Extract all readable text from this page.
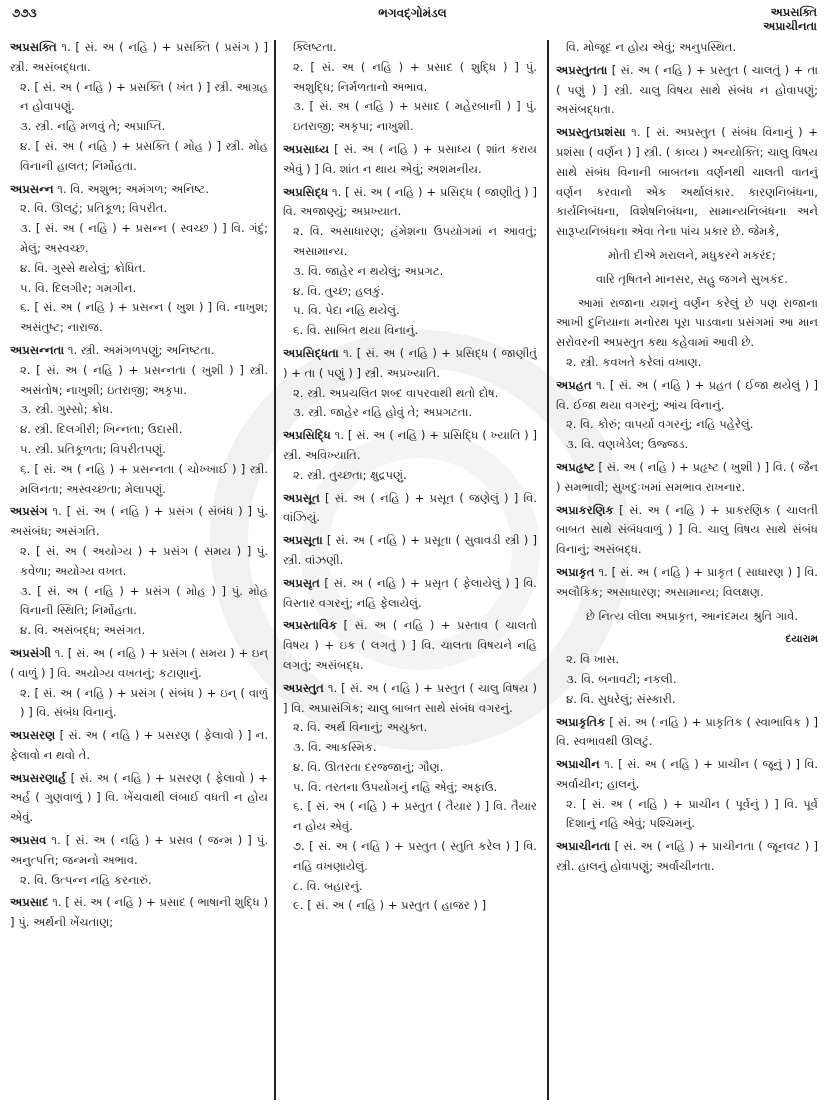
૭૭૩	ભગવદ્ગોમંડલ	અપ્રસક્તિ
અપ્રાચીનતા
અપ્રસક્તિ ૧. [ સં. અ ( નહિ ) + પ્રસક્તિ ( પ્રસંગ ) ] સ્ત્રી. અસંબદ્ધતા.
૨. [ સં. અ ( નહિ ) + પ્રસક્તિ ( ખંત ) ] સ્ત્રી. આગ્રહ ન હોવાપણું.
૩. સ્ત્રી. નહિ મળવું તે; અપ્રાપ્તિ.
૪. [ સં. અ ( નહિ ) + પ્રસક્તિ ( મોહ ) ] સ્ત્રી. મોહ વિનાની હાલત; નિર્મોહતા.
અપ્રસન્ન ૧. વિ. અશુભ; અમંગળ; અનિષ્ટ.
૨. વિ. ઊલટું; પ્રતિકૂળ; વિપરીત.
૩. [ સં. અ ( નહિ ) + પ્રસન્ન ( સ્વચ્છ ) ] વિ. ગંદું; મેલું; અસ્વચ્છ.
૪. વિ. ગુસ્સે થયેલું; ક્રોધિત.
૫. વિ. દિલગીર; ગમગીન.
૬. [ સં. અ ( નહિ ) + પ્રસન્ન ( ખુશ ) ] વિ. નાખુશ; અસંતુષ્ટ; નારાજ.
અપ્રસન્નતા ૧. સ્ત્રી. અમંગળપણું; અનિષ્ટતા.
૨. [ સં. અ ( નહિ ) + પ્રસન્નતા ( ખુશી ) ] સ્ત્રી. અસંતોષ; નાખુશી; ઇતરાજી; અકૃપા.
૩. સ્ત્રી. ગુસ્સો; ક્રોધ.
૪. સ્ત્રી. દિલગીરી; ખિન્નતા; ઉદાસી.
૫. સ્ત્રી. પ્રતિકૂળતા; વિપરીતપણું.
૬. [ સં. અ ( નહિ ) + પ્રસન્નતા ( ચોખ્ખાઈ ) ] સ્ત્રી. મલિનતા; અસ્વચ્છતા; મેલાપણું.
અપ્રસંગ ૧. [ સં. અ ( નહિ ) + પ્રસંગ ( સંબંધ ) ] પું. અસંબંધ; અસંગતિ.
૨. [ સં. અ ( અયોગ્ય ) + પ્રસંગ ( સમય ) ] પું. કવેળા; અયોગ્ય વખત.
૩. [ સં. અ ( નહિ ) + પ્રસંગ ( મોહ ) ] પું. મોહ વિનાની સ્થિતિ; નિર્મોહતા.
૪. વિ. અસંબદ્ધ; અસંગત.
અપ્રસંગી ૧. [ સં. અ ( નહિ ) + પ્રસંગ ( સમય ) + ઇન્ ( વાળું ) ] વિ. અયોગ્ય વખતનું; કટાણાનું.
૨. [ સં. અ ( નહિ ) + પ્રસંગ ( સંબંધ ) + ઇન્ ( વાળું ) ] વિ. સંબંધ વિનાનું.
અપ્રસરણ [ સં. અ ( નહિ ) + પ્રસરણ ( ફેલાવો ) ] ન. ફેલાવો ન થવો તે.
અપ્રસરણાર્હ [ સં. અ ( નહિ ) + પ્રસરણ ( ફેલાવો ) + અર્હ ( ગુણવાળું ) ] વિ. ખેંચવાથી લંબાઈ વધતી ન હોય એવું.
અપ્રસવ ૧. [ સં. અ ( નહિ ) + પ્રસવ ( જન્મ ) ] પું. અનુત્પત્તિ; જન્મનો અભાવ.
૨. વિ. ઉત્પન્ન નહિ કરનારું.
અપ્રસાદ ૧. [ સં. અ ( નહિ ) + પ્રસાદ ( ભાષાની શુદ્ધિ ) ] પું. અર્થની ખેંચતાણ;
ક્લિષ્ટતા.
૨. [ સં. અ ( નહિ ) + પ્રસાદ ( શુદ્ધિ ) ] પું. અશુદ્ધિ; નિર્મળતાનો અભાવ.
૩. [ સં. અ ( નહિ ) + પ્રસાદ ( મહેરબાની ) ] પું. ઇતરાજી; અકૃપા; નાખુશી.
અપ્રસાધ્ય [ સં. અ ( નહિ ) + પ્રસાધ્ય ( શાંત કરાય એવું ) ] વિ. શાંત ન થાય એવું; અશમનીય.
અપ્રસિદ્ધ ૧. [ સં. અ ( નહિ ) + પ્રસિદ્ધ ( જાણીતું ) ] વિ. અજાણ્યું; અપ્રખ્યાત.
૨. વિ. અસાધારણ; હંમેશના ઉપયોગમાં ન આવતું; અસામાન્ય.
૩. વિ. જાહેર ન થયેલું; અપ્રગટ.
૪. વિ. તુચ્છ; હલકું.
૫. વિ. પેદા નહિ થયેલું.
૬. વિ. સાબિત થયા વિનાનું.
અપ્રસિદ્ધતા ૧. [ સં. અ ( નહિ ) + પ્રસિદ્ધ ( જાણીતું ) + તા ( પણું ) ] સ્ત્રી. અપ્રખ્યાતિ.
૨. સ્ત્રી. અપ્રચલિત શબ્દ વાપરવાથી થતો દોષ.
૩. સ્ત્રી. જાહેર નહિ હોવું તે; અપ્રગટતા.
અપ્રસિદ્ધિ ૧. [ સં. અ ( નહિ ) + પ્રસિદ્ધિ ( ખ્યાતિ ) ] સ્ત્રી. અવિખ્યાતિ.
૨. સ્ત્રી. તુચ્છતા; ક્ષુદ્રપણું.
અપ્રસૂત [ સં. અ ( નહિ ) + પ્રસૂત ( જણેલું ) ] વિ. વાંઝિયું.
અપ્રસૂતા [ સં. અ ( નહિ ) + પ્રસૂતા ( સુવાવડી સ્ત્રી ) ] સ્ત્રી. વાંઝણી.
અપ્રસૃત [ સં. અ ( નહિ ) + પ્રસૃત ( ફેલાયેલું ) ] વિ. વિસ્તાર વગરનું; નહિ ફેલાયેલું.
અપ્રસ્તાવિક [ સં. અ ( નહિ ) + પ્રસ્તાવ ( ચાલતો વિષય ) + ઇક ( લગતું ) ] વિ. ચાલતા વિષયને નહિ લગતું; અસંબદ્ધ.
અપ્રસ્તુત ૧. [ સં. અ ( નહિ ) + પ્રસ્તુત ( ચાલુ વિષય ) ] વિ. અપ્રાસંગિક; ચાલુ બાબત સાથે સંબંધ વગરનું.
૨. વિ. અર્થ વિનાનું; અયુક્ત.
૩. વિ. આકસ્મિક.
૪. વિ. ઊતરતા દરજ્જાનું; ગૌણ.
૫. વિ. તરતના ઉપયોગનું નહિ એવું; અફાઉ.
૬. [ સં. અ ( નહિ ) + પ્રસ્તુત ( તૈયાર ) ] વિ. તૈયાર ન હોય એવું.
૭. [ સં. અ ( નહિ ) + પ્રસ્તુત ( સ્તુતિ કરેલ ) ] વિ. નહિ વખણાયેલું.
૮. વિ. બહારનું.
૯. [ સં. અ ( નહિ ) + પ્રસ્તુત ( હાજર ) ]
વિ. મોજૂદ ન હોય એવું; અનુપસ્થિત.
અપ્રસ્તુતતા [ સં. અ ( નહિ ) + પ્રસ્તુત ( ચાલતું ) + તા ( પણું ) ] સ્ત્રી. ચાલુ વિષય સાથે સંબંધ ન હોવાપણું; અસંબદ્ધતા.
અપ્રસ્તુતપ્રશંસા ૧. [ સં. અપ્રસ્તુત ( સંબંધ વિનાનું ) + પ્રશંસા ( વર્ણન ) ] સ્ત્રી. ( કાવ્ય ) અન્યોક્તિ; ચાલુ વિષય સાથે સંબંધ વિનાની બાબતના વર્ણનથી ચાલતી વાતનું વર્ણન કરવાનો એક અર્થાલંકાર. કારણનિબંધના, કાર્યનિબંધના, વિશેષનિબંધના, સામાન્યનિબંધના અને સારૂપ્યનિબંધના એવા તેના પાંચ પ્રકાર છે. જેમકે,
મોતી દીએ મરાલને, મધુકરને મકરંદ;
વારિ તૃષિતને માનસર, સહુ જગને સુખકંદ.
આમાં રાજાના યશનું વર્ણન કરેલું છે પણ રાજાના આખી દુનિયાના મનોરથ પૂરા પાડવાના પ્રસંગમાં આ માન સરોવરની અપ્રસ્તુત કથા કહેવામાં આવી છે.
૨. સ્ત્રી. કવખતે કરેલાં વખાણ.
અપ્રહત ૧. [ સં. અ ( નહિ ) + પ્રહત ( ઈજા થયેલું ) ] વિ. ઈજા થયા વગરનું; આંચ વિનાનું.
૨. વિ. કોરું; વાપર્યા વગરનું; નહિ પહેરેલું.
૩. વિ. વણખેડેલ; ઉજ્જડ.
અપ્રહૃષ્ટ [ સં. અ ( નહિ ) + પ્રહૃષ્ટ ( ખુશી ) ] વિ. ( જૈન ) સમભાવી; સુખદુઃખમાં સમભાવ રાખનાર.
અપ્રાકરણિક [ સં. અ ( નહિ ) + પ્રાકરણિક ( ચાલતી બાબત સાથે સંબંધવાળું ) ] વિ. ચાલુ વિષય સાથે સંબંધ વિનાનું; અસંબદ્ધ.
અપ્રાકૃત ૧. [ સં. અ ( નહિ ) + પ્રાકૃત ( સાધારણ ) ] વિ. અલૌકિક; અસાધારણ; અસામાન્ય; વિલક્ષણ.
છે નિત્ય લીલા અપ્રાકૃત, આનંદમય શ્રુતિ ગાવે.
દયારામ
૨. વિ ખાસ.
૩. વિ. બનાવટી; નકલી.
૪. વિ. સુધરેલું; સંસ્કારી.
અપ્રાકૃતિક [ સં. અ ( નહિ ) + પ્રાકૃતિક ( સ્વાભાવિક ) ] વિ. સ્વભાવથી ઊલટું.
અપ્રાચીન ૧. [ સં. અ ( નહિ ) + પ્રાચીન ( જૂનું ) ] વિ. અર્વાચીન; હાલનું.
૨. [ સં. અ ( નહિ ) + પ્રાચીન ( પૂર્વનું ) ] વિ. પૂર્વ દિશાનું નહિ એવું; પશ્ચિમનું.
અપ્રાચીનતા [ સં. અ ( નહિ ) + પ્રાચીનતા ( જૂનવટ ) ] સ્ત્રી. હાલનું હોવાપણું; અર્વાચીનતા.
